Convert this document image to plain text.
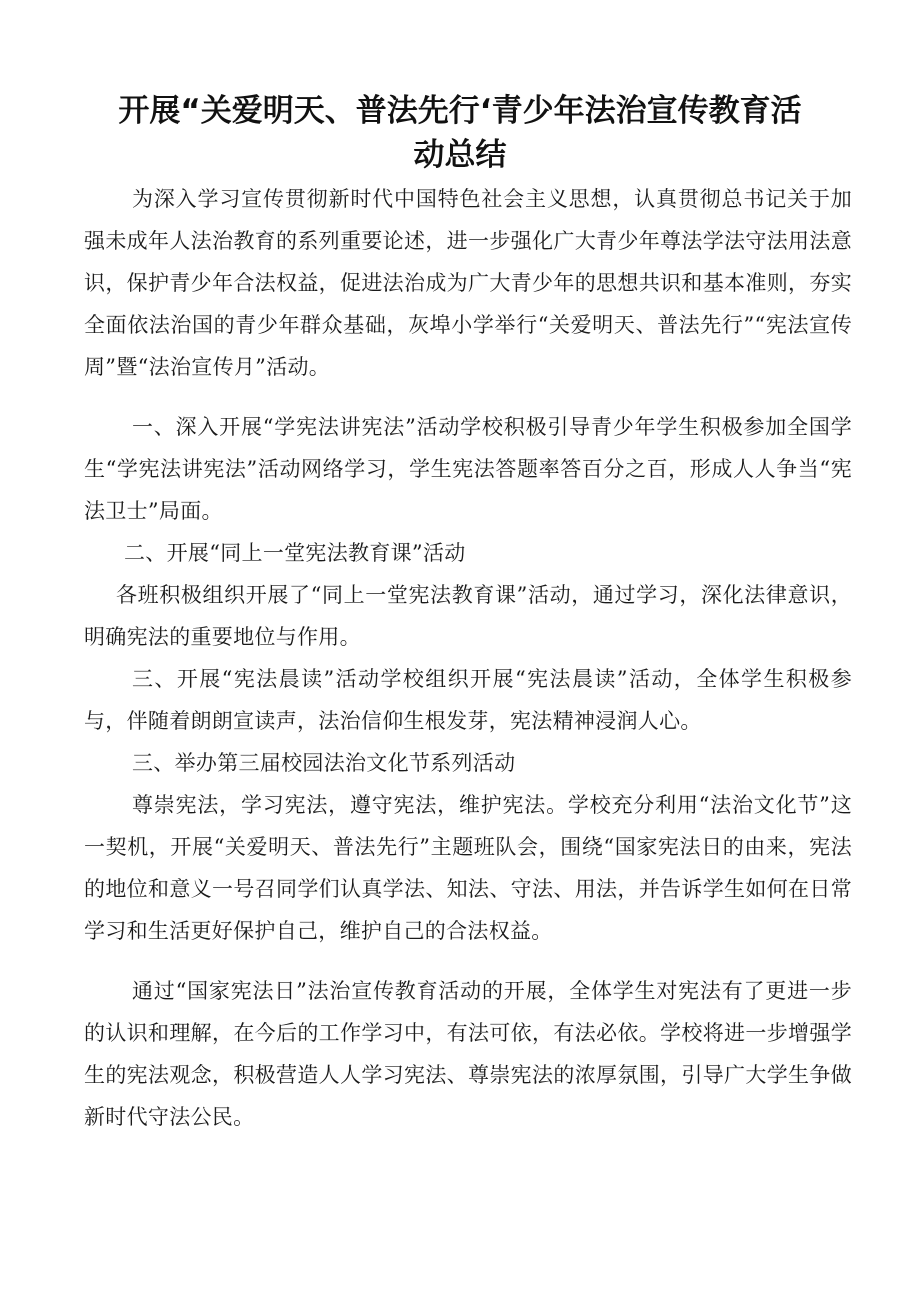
开展“关爱明天、普法先行‘青少年法治宣传教育活
动总结

为深入学习宣传贯彻新时代中国特色社会主义思想，认真贯彻总书记关于加强未成年人法治教育的系列重要论述，进一步强化广大青少年尊法学法守法用法意识，保护青少年合法权益，促进法治成为广大青少年的思想共识和基本准则，夯实全面依法治国的青少年群众基础，灰埠小学举行“关爱明天、普法先行”“宪法宣传周”暨“法治宣传月”活动。

一、深入开展“学宪法讲宪法”活动学校积极引导青少年学生积极参加全国学生“学宪法讲宪法”活动网络学习，学生宪法答题率答百分之百，形成人人争当“宪法卫士”局面。

二、开展“同上一堂宪法教育课”活动

各班积极组织开展了“同上一堂宪法教育课”活动，通过学习，深化法律意识，明确宪法的重要地位与作用。

三、开展“宪法晨读”活动学校组织开展“宪法晨读”活动，全体学生积极参与，伴随着朗朗宣读声，法治信仰生根发芽，宪法精神浸润人心。

三、举办第三届校园法治文化节系列活动

尊崇宪法，学习宪法，遵守宪法，维护宪法。学校充分利用“法治文化节”这一契机，开展“关爱明天、普法先行”主题班队会，围绕“国家宪法日的由来，宪法的地位和意义一号召同学们认真学法、知法、守法、用法，并告诉学生如何在日常学习和生活更好保护自己，维护自己的合法权益。

通过“国家宪法日”法治宣传教育活动的开展，全体学生对宪法有了更进一步的认识和理解，在今后的工作学习中，有法可依，有法必依。学校将进一步增强学生的宪法观念，积极营造人人学习宪法、尊崇宪法的浓厚氛围，引导广大学生争做新时代守法公民。
